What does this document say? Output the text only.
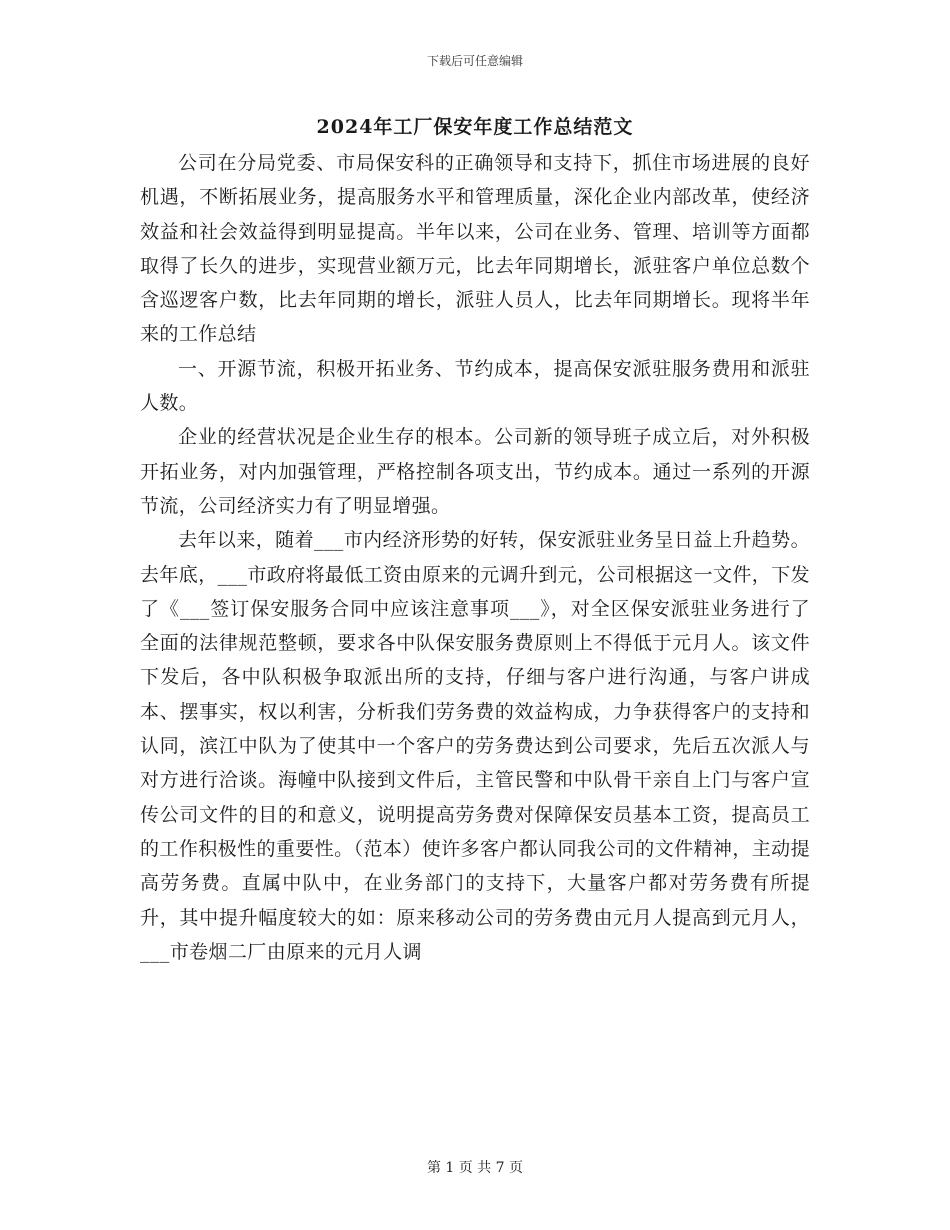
下载后可任意编辑
2024年工厂保安年度工作总结范文

公司在分局党委、市局保安科的正确领导和支持下，抓住市场进展的良好机遇，不断拓展业务，提高服务水平和管理质量，深化企业内部改革，使经济效益和社会效益得到明显提高。半年以来，公司在业务、管理、培训等方面都取得了长久的进步，实现营业额万元，比去年同期增长，派驻客户单位总数个含巡逻客户数，比去年同期的增长，派驻人员人，比去年同期增长。现将半年来的工作总结

一、开源节流，积极开拓业务、节约成本，提高保安派驻服务费用和派驻人数。

企业的经营状况是企业生存的根本。公司新的领导班子成立后，对外积极开拓业务，对内加强管理，严格控制各项支出，节约成本。通过一系列的开源节流，公司经济实力有了明显增强。

去年以来，随着___市内经济形势的好转，保安派驻业务呈日益上升趋势。去年底，___市政府将最低工资由原来的元调升到元，公司根据这一文件，下发了《___签订保安服务合同中应该注意事项___》，对全区保安派驻业务进行了全面的法律规范整顿，要求各中队保安服务费原则上不得低于元月人。该文件下发后，各中队积极争取派出所的支持，仔细与客户进行沟通，与客户讲成本、摆事实，权以利害，分析我们劳务费的效益构成，力争获得客户的支持和认同，滨江中队为了使其中一个客户的劳务费达到公司要求，先后五次派人与对方进行洽谈。海幢中队接到文件后，主管民警和中队骨干亲自上门与客户宣传公司文件的目的和意义，说明提高劳务费对保障保安员基本工资，提高员工的工作积极性的重要性。（范本）使许多客户都认同我公司的文件精神，主动提高劳务费。直属中队中，在业务部门的支持下，大量客户都对劳务费有所提升，其中提升幅度较大的如：原来移动公司的劳务费由元月人提高到元月人，___市卷烟二厂由原来的元月人调

第 1 页 共 7 页
